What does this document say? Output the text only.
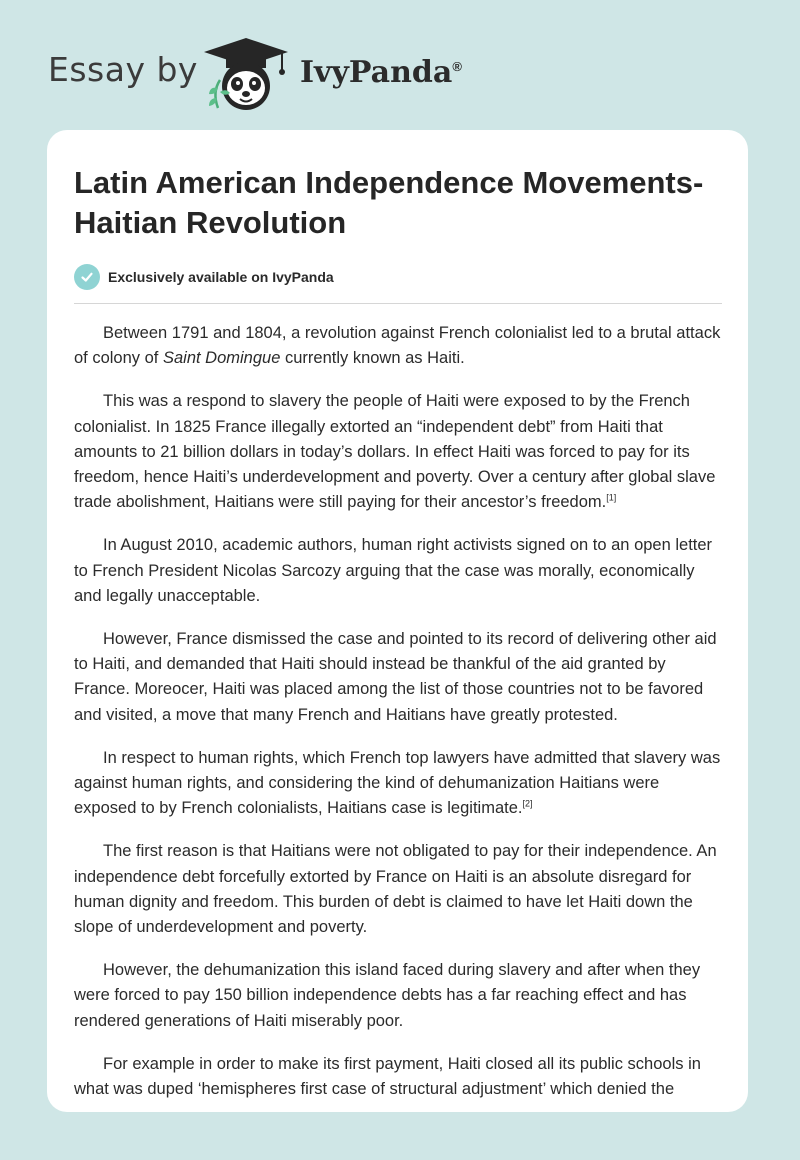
Essay by	IvyPanda®
Latin American Independence Movements-Haitian Revolution
Exclusively available on IvyPanda

Between 1791 and 1804, a revolution against French colonialist led to a brutal attack of colony of Saint Domingue currently known as Haiti.

This was a respond to slavery the people of Haiti were exposed to by the French colonialist. In 1825 France illegally extorted an “independent debt” from Haiti that amounts to 21 billion dollars in today’s dollars. In effect Haiti was forced to pay for its freedom, hence Haiti’s underdevelopment and poverty. Over a century after global slave trade abolishment, Haitians were still paying for their ancestor’s freedom.[1]

In August 2010, academic authors, human right activists signed on to an open letter to French President Nicolas Sarcozy arguing that the case was morally, economically and legally unacceptable.

However, France dismissed the case and pointed to its record of delivering other aid to Haiti, and demanded that Haiti should instead be thankful of the aid granted by France. Moreocer, Haiti was placed among the list of those countries not to be favored and visited, a move that many French and Haitians have greatly protested.

In respect to human rights, which French top lawyers have admitted that slavery was against human rights, and considering the kind of dehumanization Haitians were exposed to by French colonialists, Haitians case is legitimate.[2]

The first reason is that Haitians were not obligated to pay for their independence. An independence debt forcefully extorted by France on Haiti is an absolute disregard for human dignity and freedom. This burden of debt is claimed to have let Haiti down the slope of underdevelopment and poverty.

However, the dehumanization this island faced during slavery and after when they were forced to pay 150 billion independence debts has a far reaching effect and has rendered generations of Haiti miserably poor.

For example in order to make its first payment, Haiti closed all its public schools in what was duped ‘hemispheres first case of structural adjustment’ which denied the
